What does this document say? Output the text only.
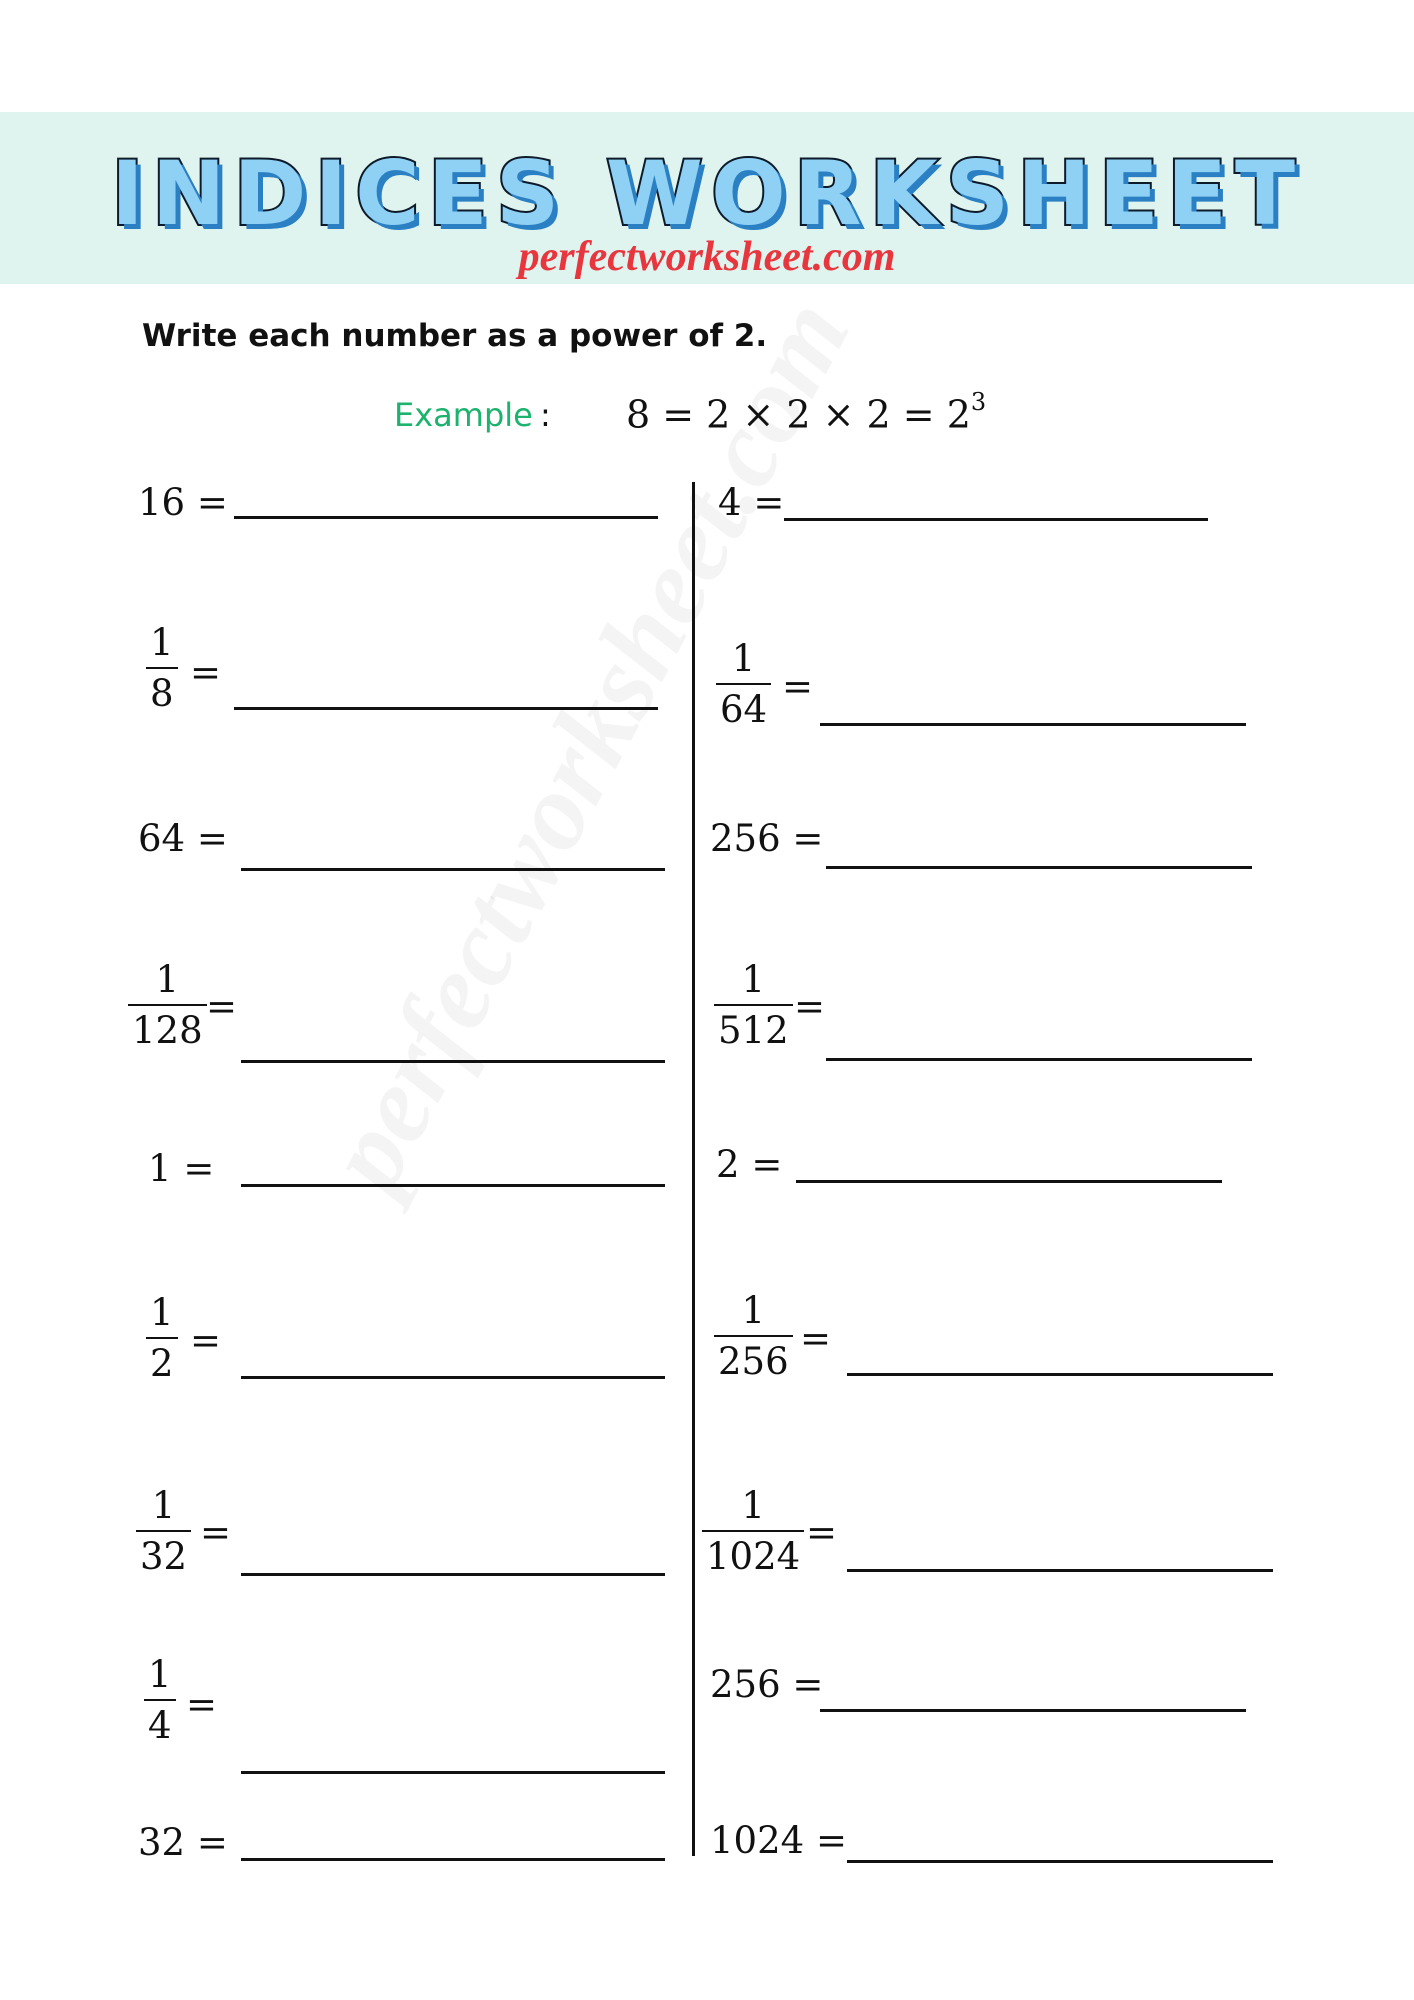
INDICES WORKSHEET
perfectworksheet.com
Write each number as a power of 2.
Example : $8 = 2 \times 2 \times 2 = 2^3$
16 =
1
8 =
64 =
1
128
=
1 =
1
2
=
1
32
=
1
4 =
32 =
4 =
1
64
=
256 =
1
512
=
2 =
1
256
=
1
1024
=
256 =
1024 =
